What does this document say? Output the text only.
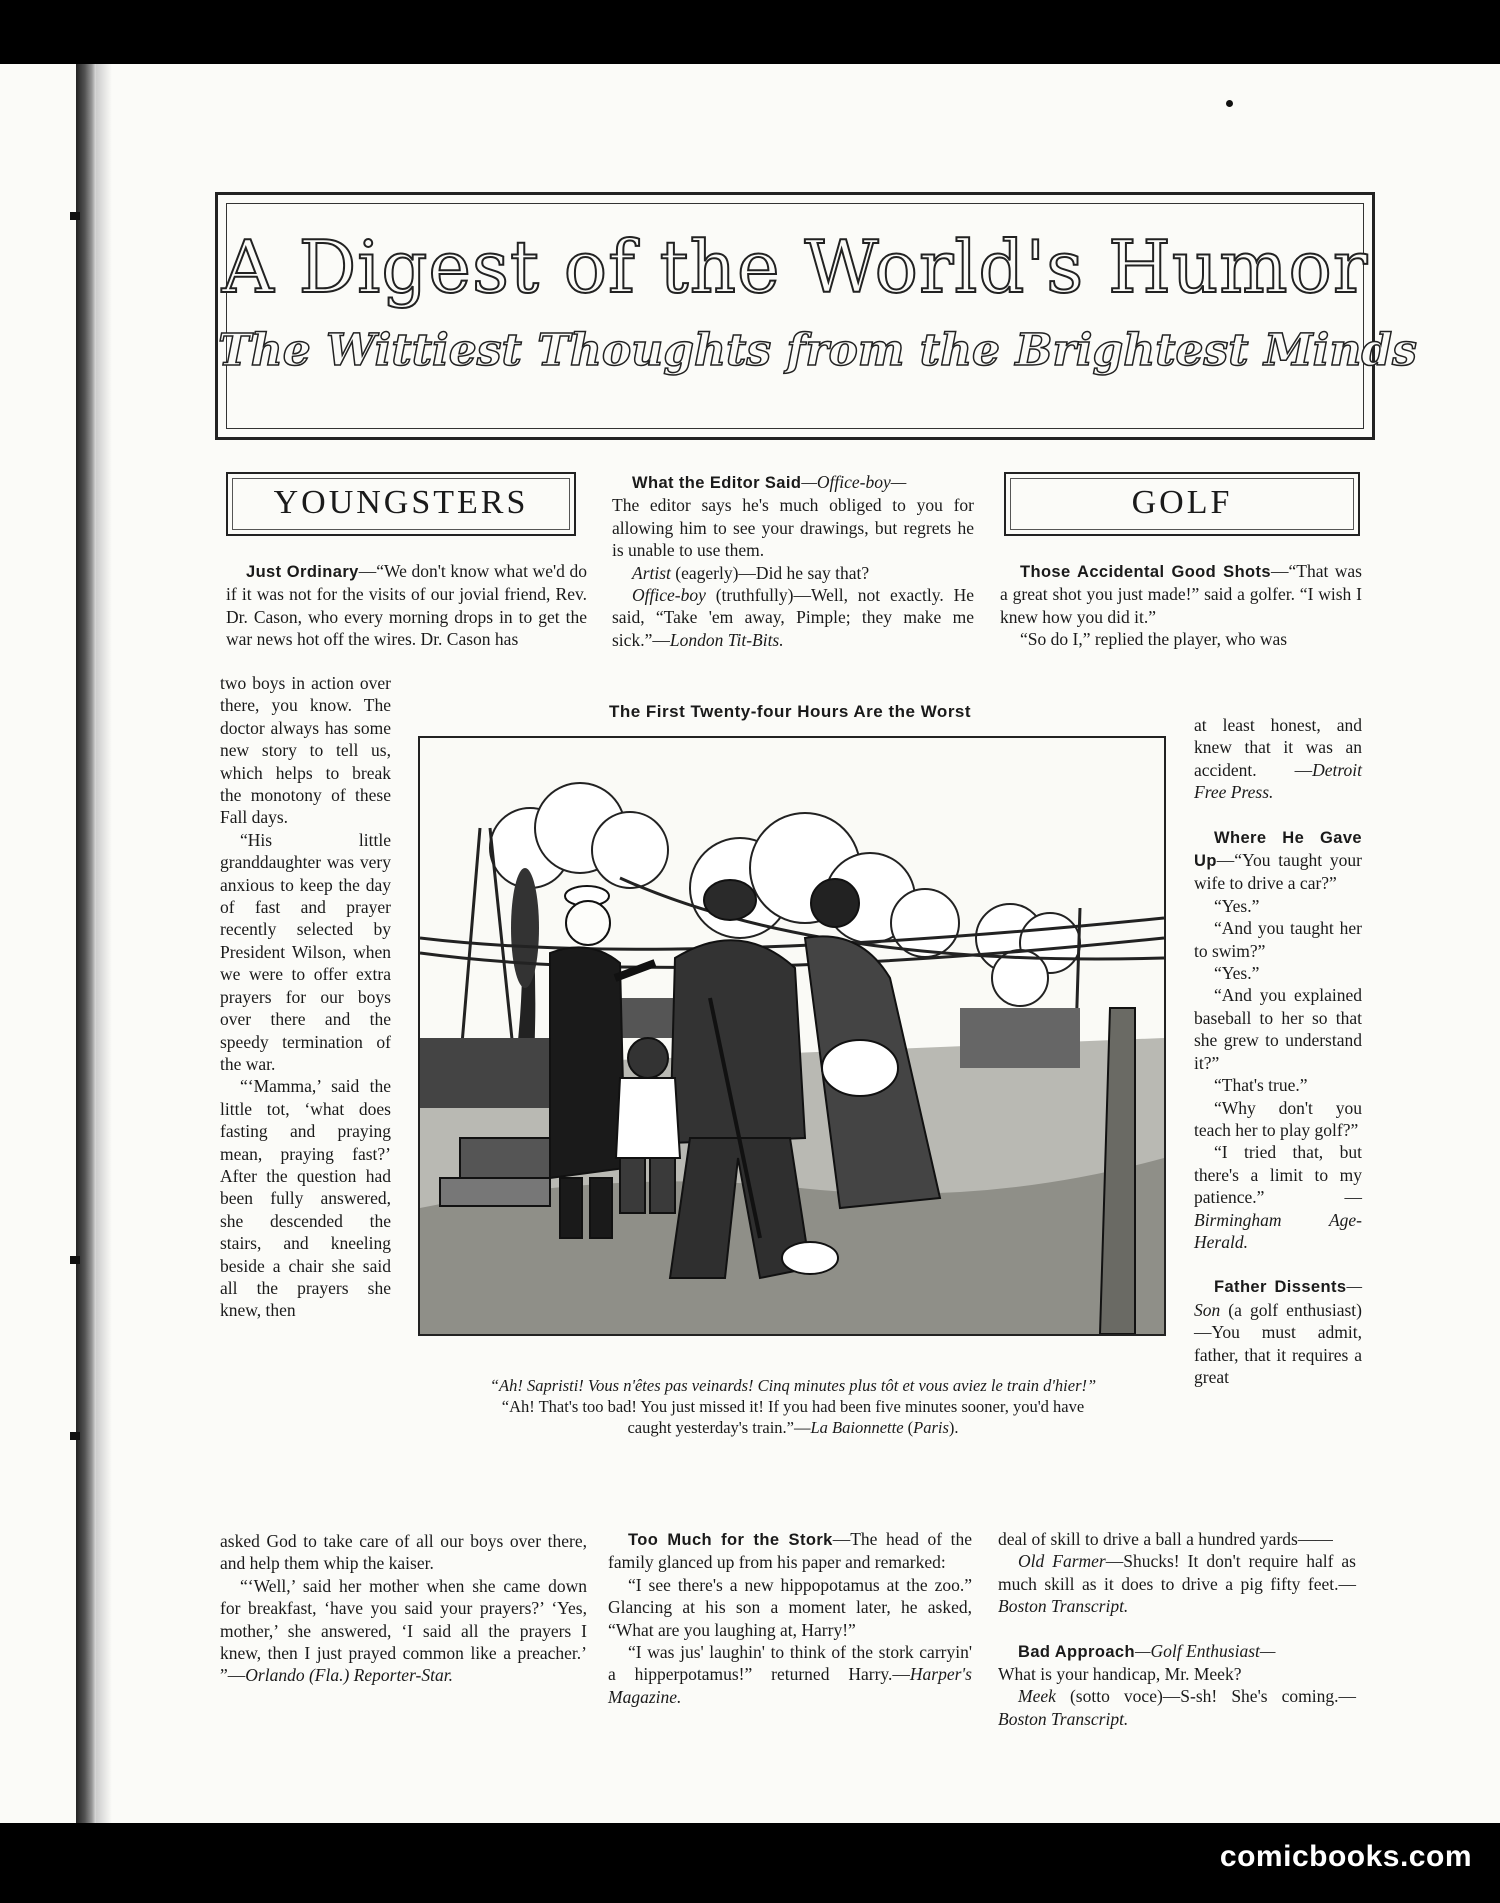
A Digest of the World's Humor
The Wittiest Thoughts from the Brightest Minds
YOUNGSTERS	GOLF

Just Ordinary—“We don't know what we'd do if it was not for the visits of our jovial friend, Rev. Dr. Cason, who every morning drops in to get the war news hot off the wires. Dr. Cason has

two boys in action over there, you know. The doctor always has some new story to tell us, which helps to break the monotony of these Fall days.

“His little granddaughter was very anxious to keep the day of fast and prayer recently selected by President Wilson, when we were to offer extra prayers for our boys over there and the speedy termination of the war.

“‘Mamma,’ said the little tot, ‘what does fasting and praying mean, praying fast?’ After the question had been fully answered, she descended the stairs, and kneeling beside a chair she said all the prayers she knew, then

asked God to take care of all our boys over there, and help them whip the kaiser.

“‘Well,’ said her mother when she came down for breakfast, ‘have you said your prayers?’ ‘Yes, mother,’ she answered, ‘I said all the prayers I knew, then I just prayed common like a preacher.’ ”—Orlando (Fla.) Reporter-Star.

What the Editor Said—Office-boy—

The editor says he's much obliged to you for allowing him to see your drawings, but regrets he is unable to use them.

Artist (eagerly)—Did he say that?

Office-boy (truthfully)—Well, not exactly. He said, “Take 'em away, Pimple; they make me sick.”—London Tit-Bits.

The First Twenty-four Hours Are the Worst
“Ah! Sapristi! Vous n'êtes pas veinards! Cinq minutes plus tôt et vous aviez le train d'hier!”
“Ah! That's too bad! You just missed it! If you had been five minutes sooner, you'd have
caught yesterday's train.”—La Baionnette (Paris).

Too Much for the Stork—The head of the family glanced up from his paper and remarked:

“I see there's a new hippopotamus at the zoo.” Glancing at his son a moment later, he asked, “What are you laughing at, Harry!”

“I was jus' laughin' to think of the stork carryin' a hipperpotamus!” returned Harry.—Harper's Magazine.

Those Accidental Good Shots—“That was a great shot you just made!” said a golfer. “I wish I knew how you did it.”

“So do I,” replied the player, who was

at least honest, and knew that it was an accident. —Detroit Free Press.

Where He Gave Up—“You taught your wife to drive a car?”

“Yes.”

“And you taught her to swim?”

“Yes.”

“And you explained baseball to her so that she grew to understand it?”

“That's true.”

“Why don't you teach her to play golf?”

“I tried that, but there's a limit to my patience.” —Birmingham Age-Herald.

Father Dissents—Son (a golf enthusiast)—You must admit, father, that it requires a great

deal of skill to drive a ball a hundred yards——

Old Farmer—Shucks! It don't require half as much skill as it does to drive a pig fifty feet.—Boston Transcript.

Bad Approach—Golf Enthusiast—

What is your handicap, Mr. Meek?

Meek (sotto voce)—S-sh! She's coming.—Boston Transcript.

comicbooks.com
